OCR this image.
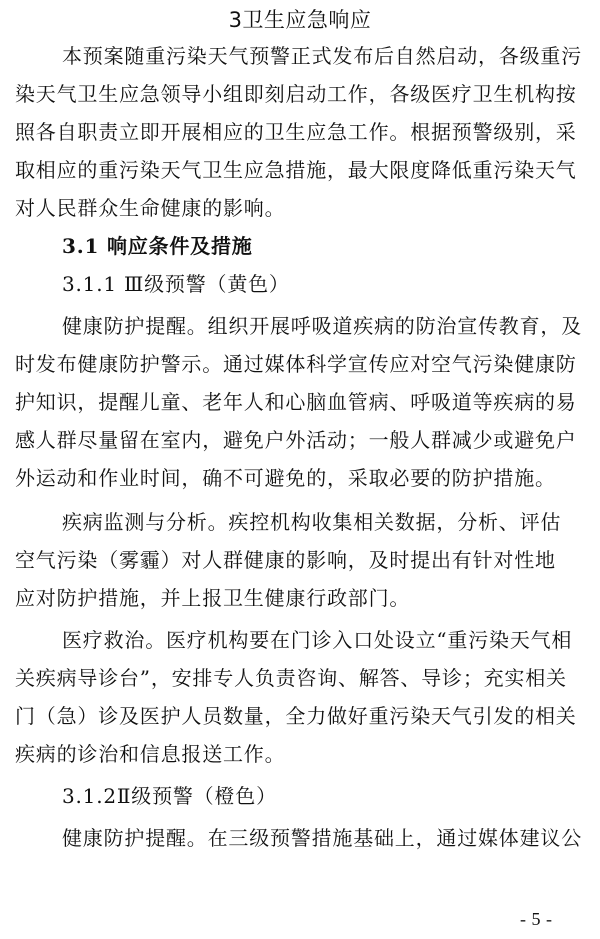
3卫生应急响应
本预案随重污染天气预警正式发布后自然启动，各级重污
染天气卫生应急领导小组即刻启动工作，各级医疗卫生机构按
照各自职责立即开展相应的卫生应急工作。根据预警级别，采
取相应的重污染天气卫生应急措施，最大限度降低重污染天气
对人民群众生命健康的影响。
3.1 响应条件及措施
3.1.1 Ⅲ级预警（黄色）
健康防护提醒。组织开展呼吸道疾病的防治宣传教育，及
时发布健康防护警示。通过媒体科学宣传应对空气污染健康防
护知识，提醒儿童、老年人和心脑血管病、呼吸道等疾病的易
感人群尽量留在室内，避免户外活动；一般人群减少或避免户
外运动和作业时间，确不可避免的，采取必要的防护措施。
疾病监测与分析。疾控机构收集相关数据，分析、评估
空气污染（雾霾）对人群健康的影响，及时提出有针对性地
应对防护措施，并上报卫生健康行政部门。
医疗救治。医疗机构要在门诊入口处设立“重污染天气相
关疾病导诊台”，安排专人负责咨询、解答、导诊；充实相关
门（急）诊及医护人员数量，全力做好重污染天气引发的相关
疾病的诊治和信息报送工作。
3.1.2Ⅱ级预警（橙色）
健康防护提醒。在三级预警措施基础上，通过媒体建议公
- 5 -
